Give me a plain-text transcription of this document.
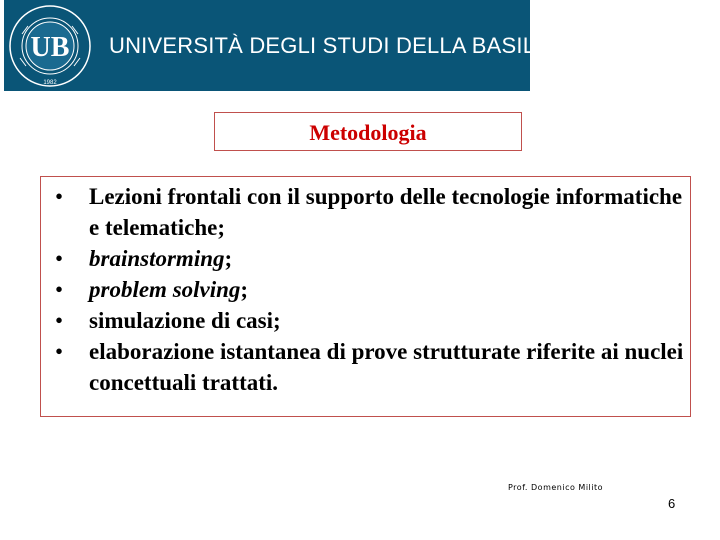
UB
1982
UNIVERSITÀ DEGLI STUDI DELLA BASILICATA
Metodologia
• Lezioni frontali con il supporto delle tecnologie informatiche e telematiche;
• brainstorming;
• problem solving;
• simulazione di casi;
• elaborazione istantanea di prove strutturate riferite ai nuclei concettuali trattati.
Prof. Domenico Milito
6
